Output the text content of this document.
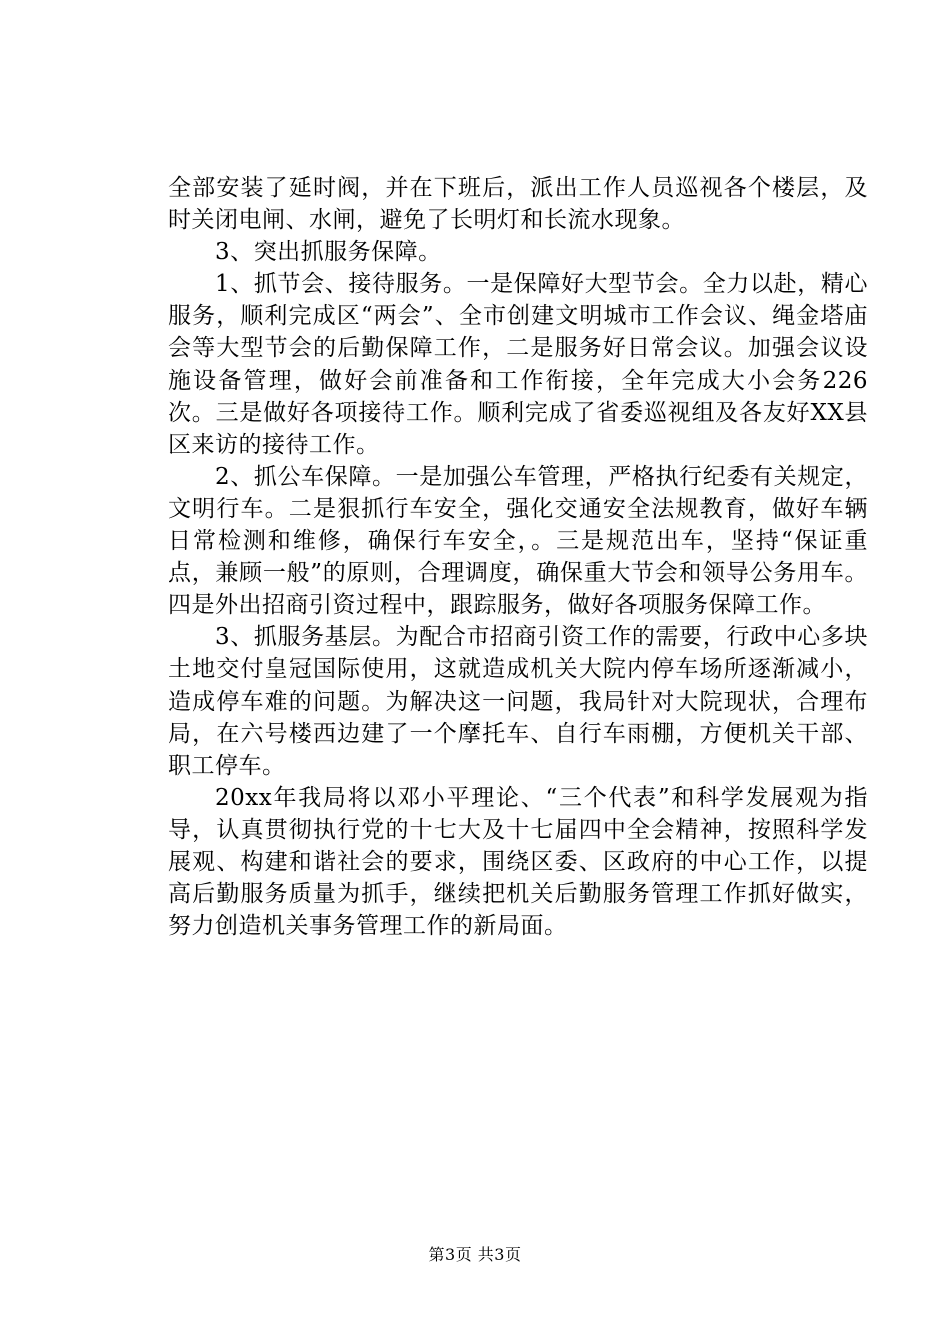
全部安装了延时阀，并在下班后，派出工作人员巡视各个楼层，及时关闭电闸、水闸，避免了长明灯和长流水现象。

3、突出抓服务保障。

1、抓节会、接待服务。一是保障好大型节会。全力以赴，精心服务，顺利完成区“两会”、全市创建文明城市工作会议、绳金塔庙会等大型节会的后勤保障工作，二是服务好日常会议。加强会议设施设备管理，做好会前准备和工作衔接，全年完成大小会务226次。三是做好各项接待工作。顺利完成了省委巡视组及各友好XX县区来访的接待工作。

2、抓公车保障。一是加强公车管理，严格执行纪委有关规定，文明行车。二是狠抓行车安全，强化交通安全法规教育，做好车辆日常检测和维修，确保行车安全，。三是规范出车，坚持“保证重点，兼顾一般”的原则，合理调度，确保重大节会和领导公务用车。四是外出招商引资过程中，跟踪服务，做好各项服务保障工作。

3、抓服务基层。为配合市招商引资工作的需要，行政中心多块土地交付皇冠国际使用，这就造成机关大院内停车场所逐渐减小，造成停车难的问题。为解决这一问题，我局针对大院现状，合理布局，在六号楼西边建了一个摩托车、自行车雨棚，方便机关干部、职工停车。

20xx年我局将以邓小平理论、“三个代表”和科学发展观为指导，认真贯彻执行党的十七大及十七届四中全会精神，按照科学发展观、构建和谐社会的要求，围绕区委、区政府的中心工作，以提高后勤服务质量为抓手，继续把机关后勤服务管理工作抓好做实，努力创造机关事务管理工作的新局面。

第3页 共3页
